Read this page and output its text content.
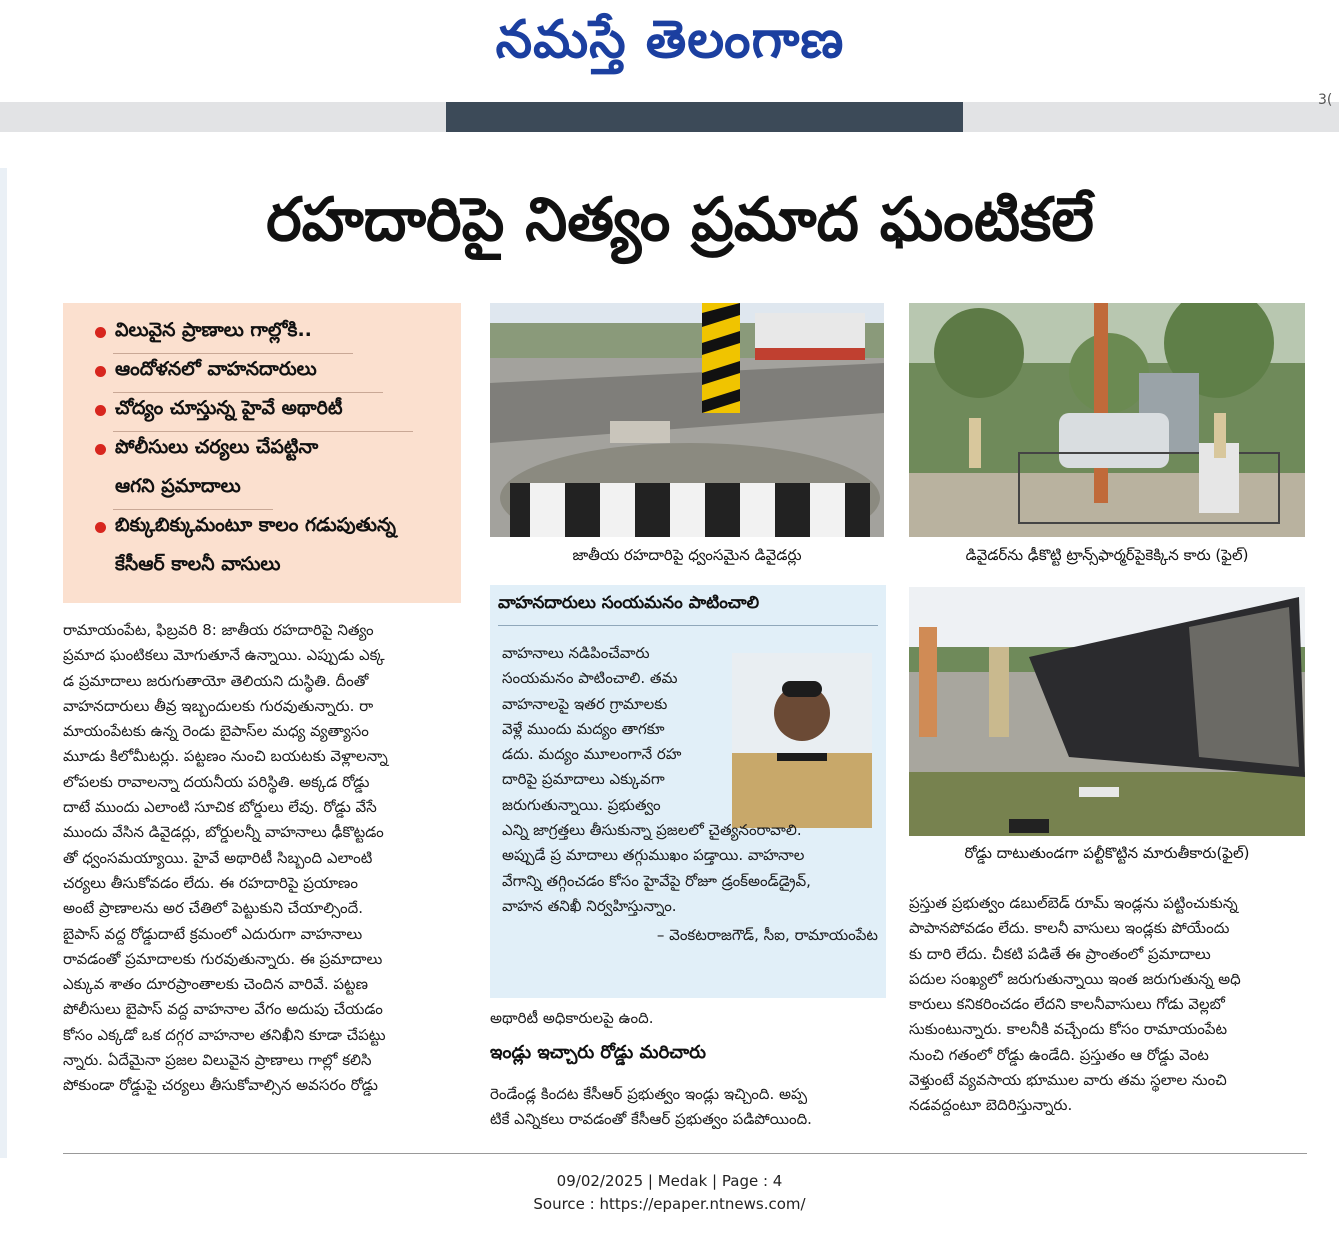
నమస్తే తెలంగాణ
3(
రహదారిపై నిత్యం ప్రమాద ఘంటికలే
విలువైన ప్రాణాలు గాల్లోకి..
ఆందోళనలో వాహనదారులు
చోద్యం చూస్తున్న హైవే అథారిటీ
పోలీసులు చర్యలు చేపట్టినా
ఆగని ప్రమాదాలు
బిక్కుబిక్కుమంటూ కాలం గడుపుతున్న
కేసీఆర్ కాలనీ వాసులు	జాతీయ రహదారిపై ధ్వంసమైన డివైడర్లు	డివైడర్‌ను ఢీకొట్టి ట్రాన్స్‌ఫార్మర్‌పైకెక్కిన కారు (ఫైల్)
రోడ్డు దాటుతుండగా పల్టీకొట్టిన మారుతీకారు(ఫైల్)
రామాయంపేట, ఫిబ్రవరి 8: జాతీయ రహదారిపై నిత్యం
ప్రమాద ఘంటికలు మోగుతూనే ఉన్నాయి. ఎప్పుడు ఎక్క
డ ప్రమాదాలు జరుగుతాయో తెలియని దుస్థితి. దీంతో
వాహనదారులు తీవ్ర ఇబ్బందులకు గురవుతున్నారు. రా
మాయంపేటకు ఉన్న రెండు బైపాస్‌ల మధ్య వ్యత్యాసం
మూడు కిలోమీటర్లు. పట్టణం నుంచి బయటకు వెళ్లాలన్నా
లోపలకు రావాలన్నా దయనీయ పరిస్థితి. అక్కడ రోడ్డు
దాటే ముందు ఎలాంటి సూచిక బోర్డులు లేవు. రోడ్డు వేసే
ముందు వేసిన డివైడర్లు, బోర్డులన్నీ వాహనాలు ఢీకొట్టడం
తో ధ్వంసమయ్యాయి. హైవే అథారిటీ సిబ్బంది ఎలాంటి
చర్యలు తీసుకోవడం లేదు. ఈ రహదారిపై ప్రయాణం
అంటే ప్రాణాలను అర చేతిలో పెట్టుకుని చేయాల్సిందే.
బైపాస్ వద్ద రోడ్డుదాటే క్రమంలో ఎదురుగా వాహనాలు
రావడంతో ప్రమాదాలకు గురవుతున్నారు. ఈ ప్రమాదాలు
ఎక్కువ శాతం దూరప్రాంతాలకు చెందిన వారివే. పట్టణ
పోలీసులు బైపాస్ వద్ద వాహనాల వేగం అదుపు చేయడం
కోసం ఎక్కడో ఒక దగ్గర వాహనాల తనిఖీని కూడా చేపట్టు
న్నారు. ఏదేమైనా ప్రజల విలువైన ప్రాణాలు గాల్లో కలిసి
పోకుండా రోడ్డుపై చర్యలు తీసుకోవాల్సిన అవసరం రోడ్డు
వాహనదారులు సంయమనం పాటించాలి
వాహనాలు నడిపించేవారు
సంయమనం పాటించాలి. తమ
వాహనాలపై ఇతర గ్రామాలకు
వెళ్లే ముందు మద్యం తాగకూ
డదు. మద్యం మూలంగానే రహ
దారిపై ప్రమాదాలు ఎక్కువగా
జరుగుతున్నాయి. ప్రభుత్వం
ఎన్ని జాగ్రత్తలు తీసుకున్నా ప్రజలలో చైత్యనంరావాలి.
అప్పుడే ప్ర మాదాలు తగ్గుముఖం పడ్తాయి. వాహనాల
వేగాన్ని తగ్గించడం కోసం హైవేపై రోజూ డ్రంక్అండ్‌డ్రైవ్,
వాహన తనిఖీ నిర్వహిస్తున్నాం.
– వెంకటరాజగౌడ్, సీఐ, రామాయంపేట
అథారిటీ అధికారులపై ఉంది.
ఇండ్లు ఇచ్చారు రోడ్డు మరిచారు
రెండేండ్ల కిందట కేసీఆర్ ప్రభుత్వం ఇండ్లు ఇచ్చింది. అప్ప
టికే ఎన్నికలు రావడంతో కేసీఆర్ ప్రభుత్వం పడిపోయింది.
ప్రస్తుత ప్రభుత్వం డబుల్‌బెడ్ రూమ్ ఇండ్లను పట్టించుకున్న
పాపానపోవడం లేదు. కాలనీ వాసులు ఇండ్లకు పోయేందు
కు దారి లేదు. చీకటి పడితే ఈ ప్రాంతంలో ప్రమాదాలు
పదుల సంఖ్యలో జరుగుతున్నాయి ఇంత జరుగుతున్న అధి
కారులు కనికరించడం లేదని కాలనీవాసులు గోడు వెల్లబో
సుకుంటున్నారు. కాలనీకి వచ్చేందు కోసం రామాయంపేట
నుంచి గతంలో రోడ్డు ఉండేది. ప్రస్తుతం ఆ రోడ్డు వెంట
వెళ్తుంటే వ్యవసాయ భూముల వారు తమ స్థలాల నుంచి
నడవద్దంటూ బెదిరిస్తున్నారు.
09/02/2025 | Medak | Page : 4
Source : https://epaper.ntnews.com/
